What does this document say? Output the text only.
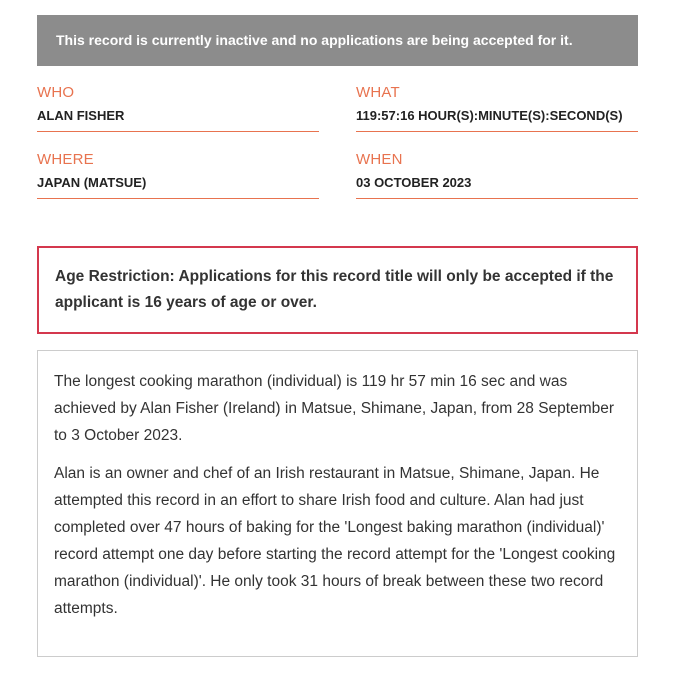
This record is currently inactive and no applications are being accepted for it.
WHO
ALAN FISHER
WHAT
119:57:16 HOUR(S):MINUTE(S):SECOND(S)
WHERE
JAPAN (MATSUE)
WHEN
03 OCTOBER 2023
Age Restriction: Applications for this record title will only be accepted if the applicant is 16 years of age or over.

The longest cooking marathon (individual) is 119 hr 57 min 16 sec and was achieved by Alan Fisher (Ireland) in Matsue, Shimane, Japan, from 28 September to 3 October 2023.

Alan is an owner and chef of an Irish restaurant in Matsue, Shimane, Japan. He attempted this record in an effort to share Irish food and culture. Alan had just completed over 47 hours of baking for the 'Longest baking marathon (individual)' record attempt one day before starting the record attempt for the 'Longest cooking marathon (individual)'. He only took 31 hours of break between these two record attempts.
